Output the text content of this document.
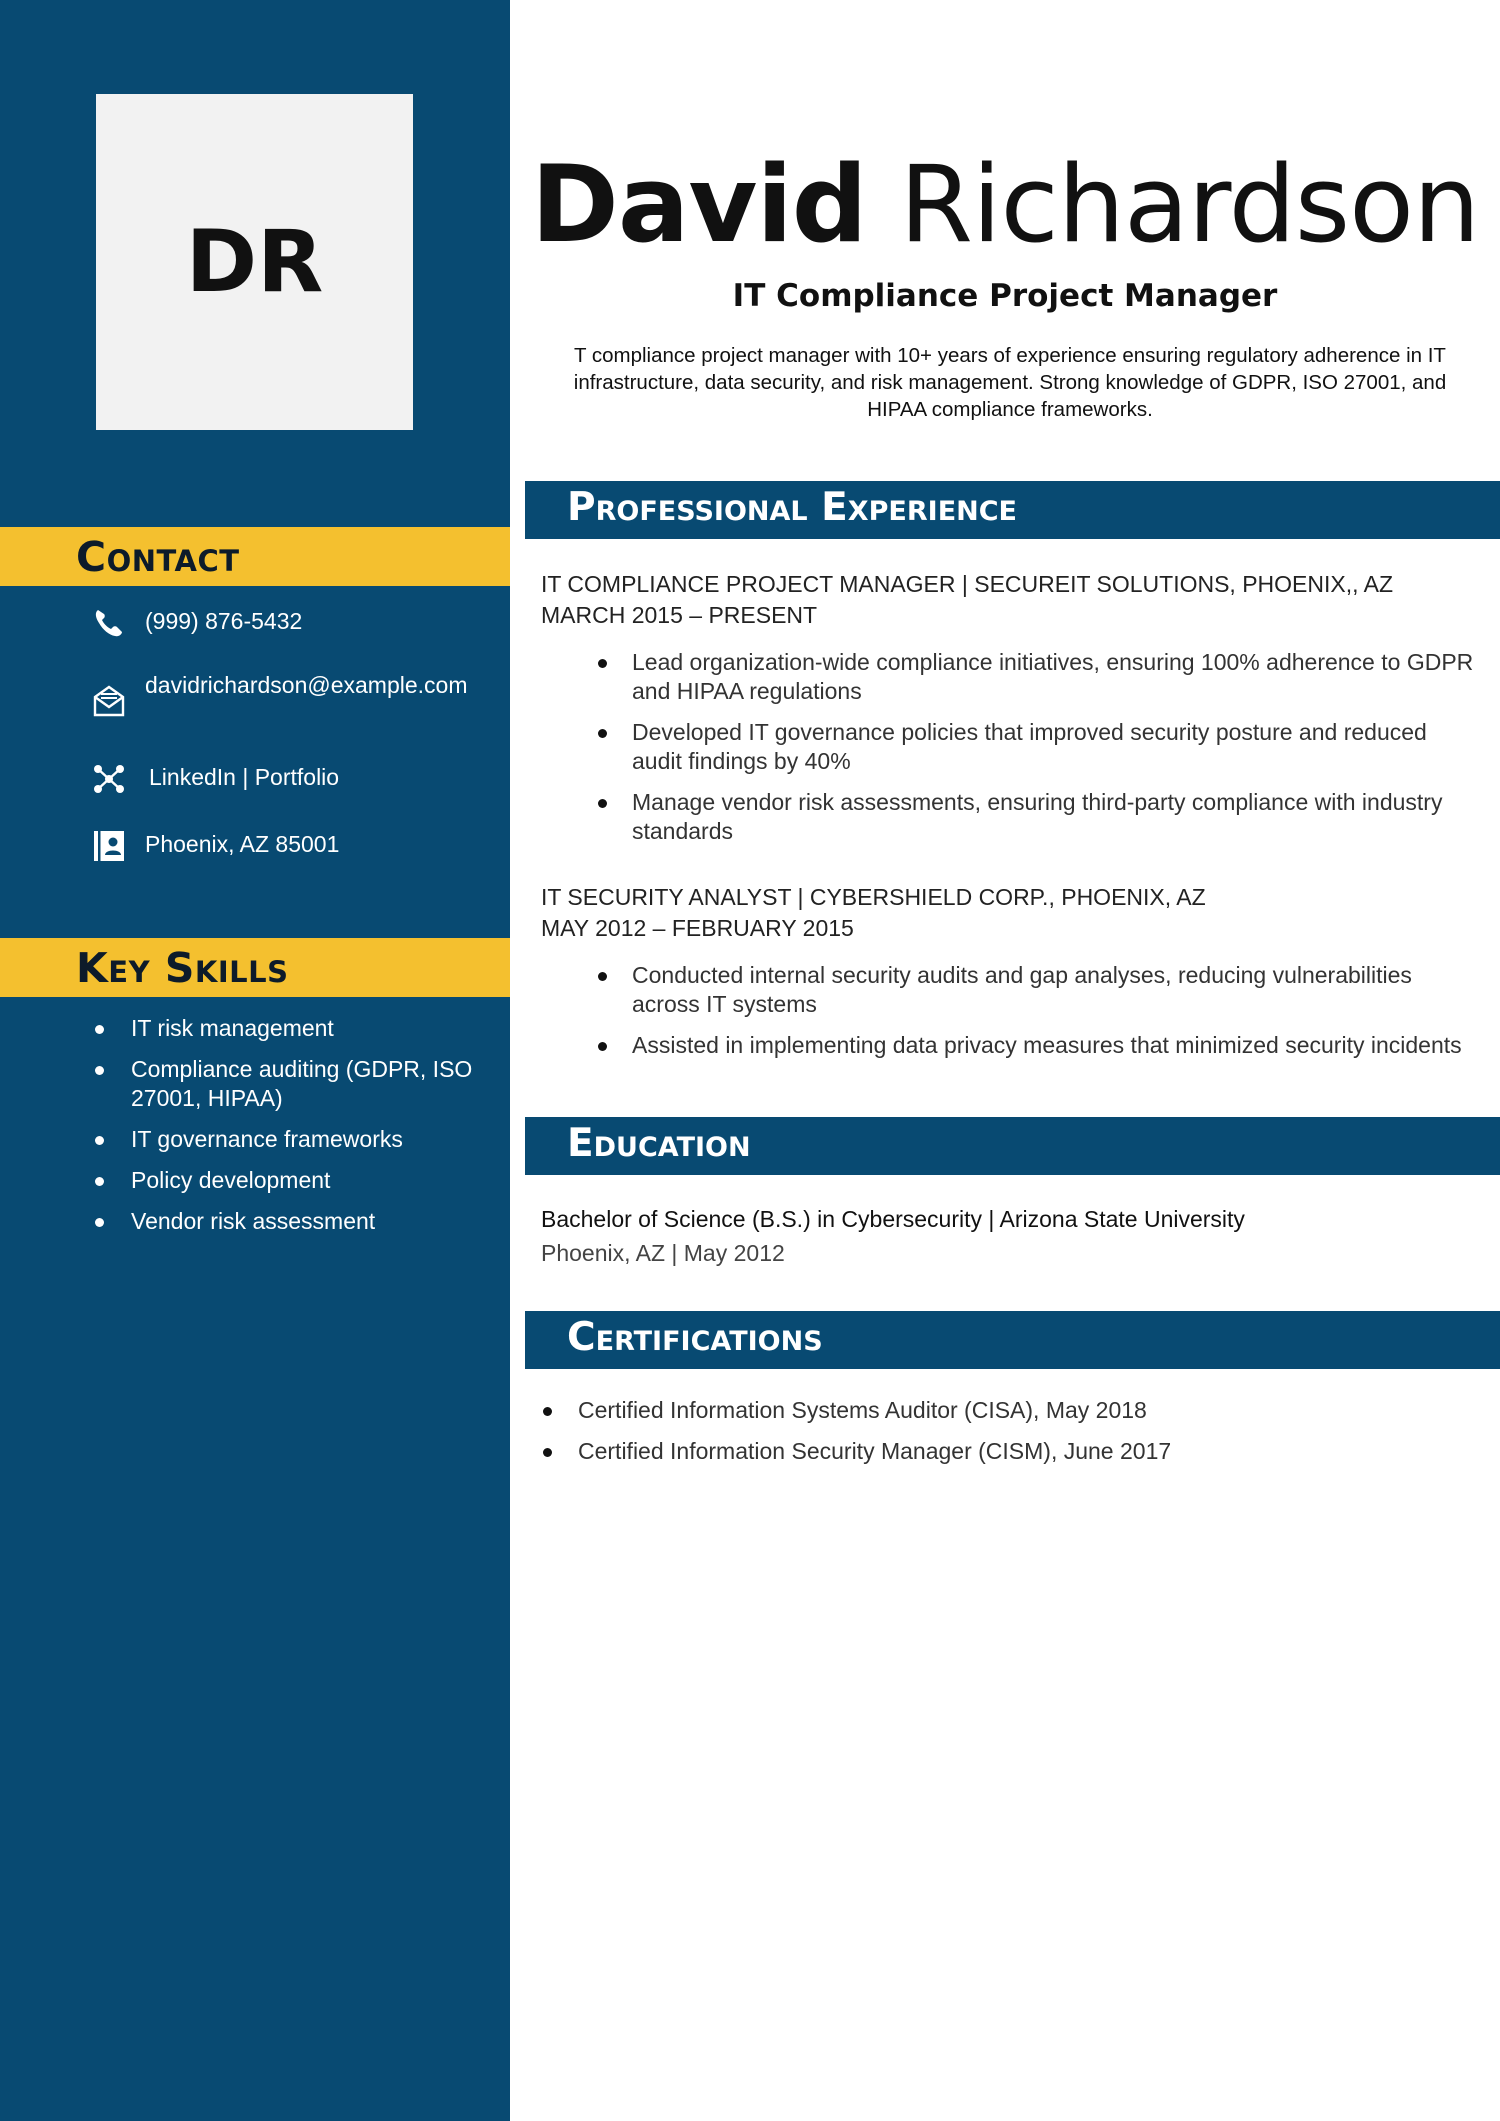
DR
Contact
(999) 876-5432
davidrichardson@example.com
LinkedIn | Portfolio
Phoenix, AZ 85001
Key Skills
IT risk management
Compliance auditing (GDPR, ISO 27001, HIPAA)
IT governance frameworks
Policy development
Vendor risk assessment
David Richardson
IT Compliance Project Manager
T compliance project manager with 10+ years of experience ensuring regulatory adherence in IT infrastructure, data security, and risk management. Strong knowledge of GDPR, ISO 27001, and HIPAA compliance frameworks.
Professional Experience
IT COMPLIANCE PROJECT MANAGER | SECUREIT SOLUTIONS, PHOENIX,, AZ
MARCH 2015 – PRESENT
Lead organization-wide compliance initiatives, ensuring 100% adherence to GDPR and HIPAA regulations
Developed IT governance policies that improved security posture and reduced audit findings by 40%
Manage vendor risk assessments, ensuring third-party compliance with industry standards
IT SECURITY ANALYST | CYBERSHIELD CORP., PHOENIX, AZ
MAY 2012 – FEBRUARY 2015
Conducted internal security audits and gap analyses, reducing vulnerabilities across IT systems
Assisted in implementing data privacy measures that minimized security incidents
Education
Bachelor of Science (B.S.) in Cybersecurity | Arizona State University
Phoenix, AZ | May 2012
Certifications
Certified Information Systems Auditor (CISA), May 2018
Certified Information Security Manager (CISM), June 2017
